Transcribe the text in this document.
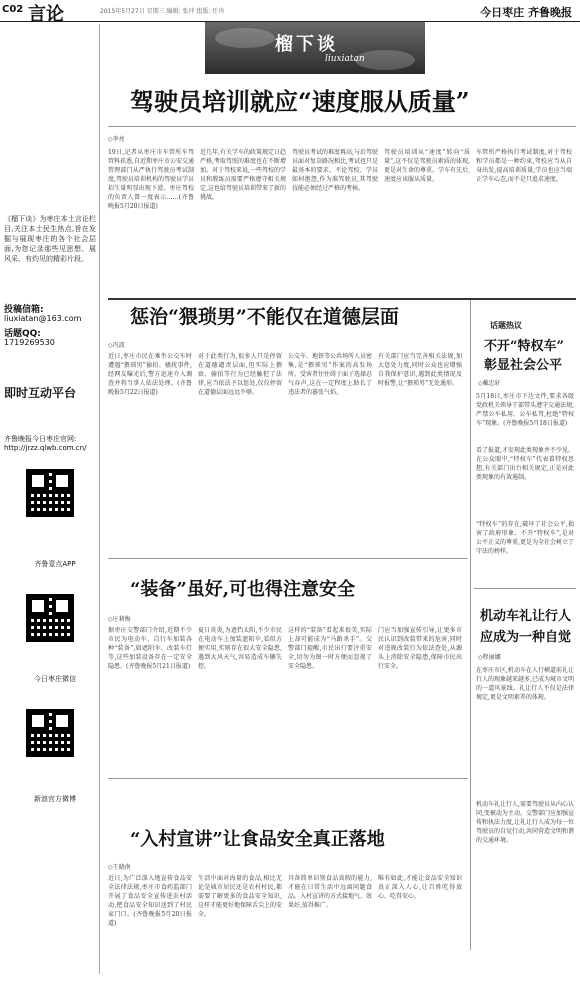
C02 言论	2015年5月27日 星期三 编辑: 张冲 组版: 任冉	今日枣庄 齐鲁晚报
榴下谈
liuxiatan
《榴下谈》为枣庄本土言论栏目,关注本土民生热点,旨在发掘与展现枣庄的各个社会层面,为您记录那些见思想、展风采、有灼见的精彩片段。
投稿信箱:
liuxiatan@163.com
话题QQ:
1719269530
即时互动平台
齐鲁晚报今日枣庄官网:
http://jrzz.qlwb.com.cn/
齐鲁壹点APP
今日枣庄微信
新浪官方微博
驾驶员培训就应“速度服从质量”
◇李亮
19日,记者从枣庄市车管所车驾管科获悉,自近期枣庄市公安交通管理部门从严执行驾驶员考试制度,驾驶员培训机构的驾驶员学员招生量明显出现下滑。枣庄驾校的负责人曾一度表示……(齐鲁晚报5月20日报道)
近几年,有关学车的政策规定日趋严格,考取驾照的难度也在不断增加。对于驾校来说,一些驾校的学员和教练员需要严格遵守相关规定,这也给驾驶员培训带来了新的挑战。
驾驶员考试的难度再高,与后驾驶员面对复杂路况相比,考试也只是最基本的要求。不论驾校、学员如何抱怨,作为准驾驶员,其驾驶技能必须经过严格的考核。
驾驶员培训从“速度”转向“质量”,这不仅是驾驶员素质的体现,更是对生命的尊重。学车有先后,速度应该服从质量。
车管所严格执行考试制度,对于驾校和学员都是一种约束,驾校应当从自身出发,提高培训质量,学员也应当端正学车心态,而不是只追求速度。
惩治“猥琐男”不能仅在道德层面
◇冯波
近日,枣庄市民在乘坐公交车时遭遇“猥琐男”偷拍、骚扰事件,经网友曝光后,警方迅速介入调查并将当事人依法处理。(齐鲁晚报5月22日报道)
对于此类行为,很多人只是停留在道德谴责层面,但实际上猥亵、偷拍等行为已经触犯了法律,应当依法予以惩处,仅仅停留在道德层面远远不够。
公交车、地铁等公共场所人员密集,是“猥琐男”作案的高发场所。受害者往往碍于面子选择忍气吞声,这在一定程度上助长了违法者的嚣张气焰。
有关部门应当完善相关法规,加大惩处力度,同时公众也应增强自我保护意识,遇到此类情况及时报警,让“猥琐男”无处遁形。
话题热议
不开“特权车”
彰显社会公平
◇戴忠轩
5月18日,枣庄市下达文件,要求各级党政机关领导干部带头遵守交通法规,严禁公车私用、公车私驾,杜绝“特权车”现象。(齐鲁晚报5月18日报道)
看了报道,才发现此类现象并不少见。在公众眼中,“特权车”代表着特权思想,有关部门出台相关规定,正是对此类现象的有效遏制。
“特权车”的存在,破坏了社会公平,损害了政府形象。不开“特权车”,是对公平正义的尊重,更是为全社会树立了守法的榜样。
“装备”虽好,可也得注意安全
◇庄莉梅
据枣庄交警部门介绍,近期不少市民为电动车、自行车加装各种“装备”,如遮阳伞、改装车灯等,这些加装设备存在一定安全隐患。(齐鲁晚报5月21日报道)
夏日炎炎,为遮挡太阳,不少市民在电动车上加装遮阳伞,看似方便实用,实则存在很大安全隐患,遇到大风天气,容易造成车辆失控。
这样的“装备”看起来很美,实际上却可能成为“马路杀手”。交警部门提醒,市民出行要注重安全,切勿为图一时方便而忽视了安全隐患。
门应当加强宣传引导,让更多市民认识到改装带来的危害,同时对违规改装行为依法查处,从源头上消除安全隐患,保障市民出行安全。
机动车礼让行人
应成为一种自觉
◇程丽娜
在枣庄市区,机动车在人行横道前礼让行人的现象越来越多,已成为城市文明的一道风景线。礼让行人不仅是法律规定,更是文明素养的体现。
机动车礼让行人,需要驾驶员从内心认同,变被动为主动。交警部门应加强宣传和执法力度,让礼让行人成为每一位驾驶员的自觉行动,共同营造文明和谐的交通环境。
“入村宣讲”让食品安全真正落地
◇王晓南
近日,为广泛深入地宣传食品安全法律法规,枣庄市食药监部门开展了食品安全宣传进农村活动,把食品安全知识送到了村民家门口。(齐鲁晚报5月20日报道)
生活中面对海量的食品,相比无论是城市居民还是农村村民,都需要了解更多的食品安全知识,这样才能更好地保障舌尖上的安全。
具备简单识别食品真假的能力,才能在日常生活中远离问题食品。入村宣讲的方式接地气、效果好,值得推广。
唯有如此,才能让食品安全知识真正深入人心,让百姓吃得放心、吃得安心。
